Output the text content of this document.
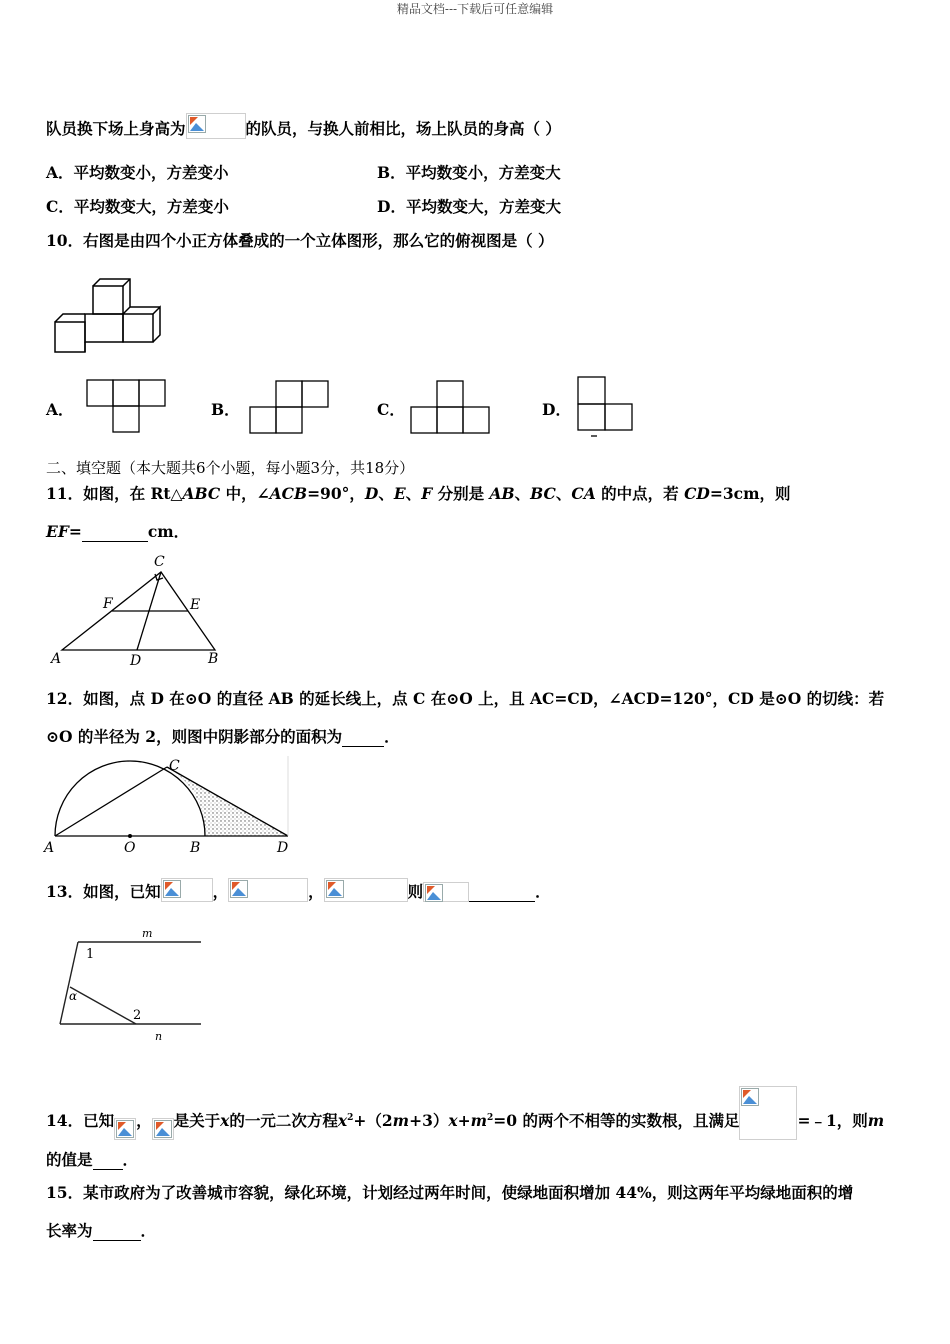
精品文档---下载后可任意编辑
队员换下场上身高为	的队员，与换人前相比，场上队员的身高（ ）
A．平均数变小，方差变小	B．平均数变小，方差变大
C．平均数变大，方差变小	D．平均数变大，方差变大
10．右图是由四个小正方体叠成的一个立体图形，那么它的俯视图是（ ）
A．	B．	C．	D．
二、填空题（本大题共6个小题，每小题3分，共18分）
11．如图，在 Rt△ABC 中，∠ACB=90°，D、E、F 分别是 AB、BC、CA 的中点，若 CD=3cm，则
EF=	cm．
C
F	E
A	D	B
12．如图，点 D 在⊙O 的直径 AB 的延长线上，点 C 在⊙O 上，且 AC=CD，∠ACD=120°，CD 是⊙O 的切线：若
⊙O 的半径为 2，则图中阴影部分的面积为	．
A	O	B	D
C
13．如图，已知	，	，	则	．
m
n
1
2
α
14．已知 ， 是关于x的一元二次方程$x^2+(2m+3)x+m^2=0$ 的两个不相等的实数根，且满足	=﹣1，则m
的值是 ．
15．某市政府为了改善城市容貌，绿化环境，计划经过两年时间，使绿地面积增加 44%，则这两年平均绿地面积的增
长率为	．
